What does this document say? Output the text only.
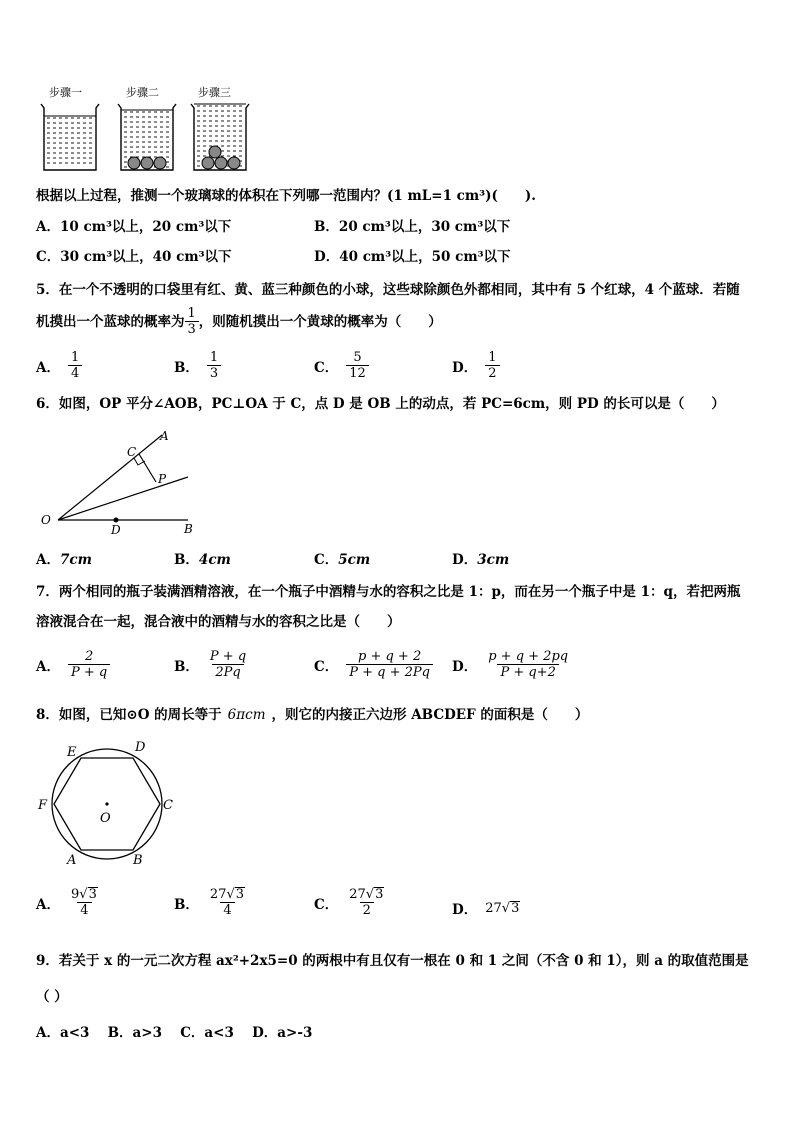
步骤一	步骤二	步骤三
根据以上过程，推测一个玻璃球的体积在下列哪一范围内？(1 mL=1 cm³)(　　).
A．10 cm³以上，20 cm³以下	B．20 cm³以上，30 cm³以下
C．30 cm³以上，40 cm³以下	D．40 cm³以上，50 cm³以下
5．在一个不透明的口袋里有红、黄、蓝三种颜色的小球，这些球除颜色外都相同，其中有 5 个红球，4 个蓝球．若随
机摸出一个蓝球的概率为 $\frac{1}{3}$ ，则随机摸出一个黄球的概率为（　　）
A． $\frac{1}{4}$	B． $\frac{1}{3}$	C． $\frac{5}{12}$	D． $\frac{1}{2}$
6．如图，OP 平分∠AOB，PC⊥OA 于 C，点 D 是 OB 上的动点，若 PC=6cm，则 PD 的长可以是（　　）
A
C
P
O
D	B
A．7cm	B．4cm	C．5cm	D．3cm
7．两个相同的瓶子装满酒精溶液，在一个瓶子中酒精与水的容积之比是 1：p，而在另一个瓶子中是 1：q，若把两瓶
溶液混合在一起，混合液中的酒精与水的容积之比是（　　）
A． $\frac{2}{P + q}$	B． $\frac{P + q}{2Pq}$	C． $\frac{p + q + 2}{P + q + 2Pq}$ D． $\frac{p + q + 2pq}{P + q+2}$
8．如图，已知⊙O 的周长等于 6πcm ，则它的内接正六边形 ABCDEF 的面积是（　　）
E	D
F	C
O
A	B
A． $\frac{9 √ 3}{4}$	B． $\frac{27 √ 3}{4}$	C． $\frac{27 √ 3}{2}$	D． 27 √ 3
9．若关于 x 的一元二次方程 ax²+2x5=0 的两根中有且仅有一根在 0 和 1 之间（不含 0 和 1），则 a 的取值范围是
（ ）
A．a<3　 B．a>3　 C．a<3　 D．a>-3
